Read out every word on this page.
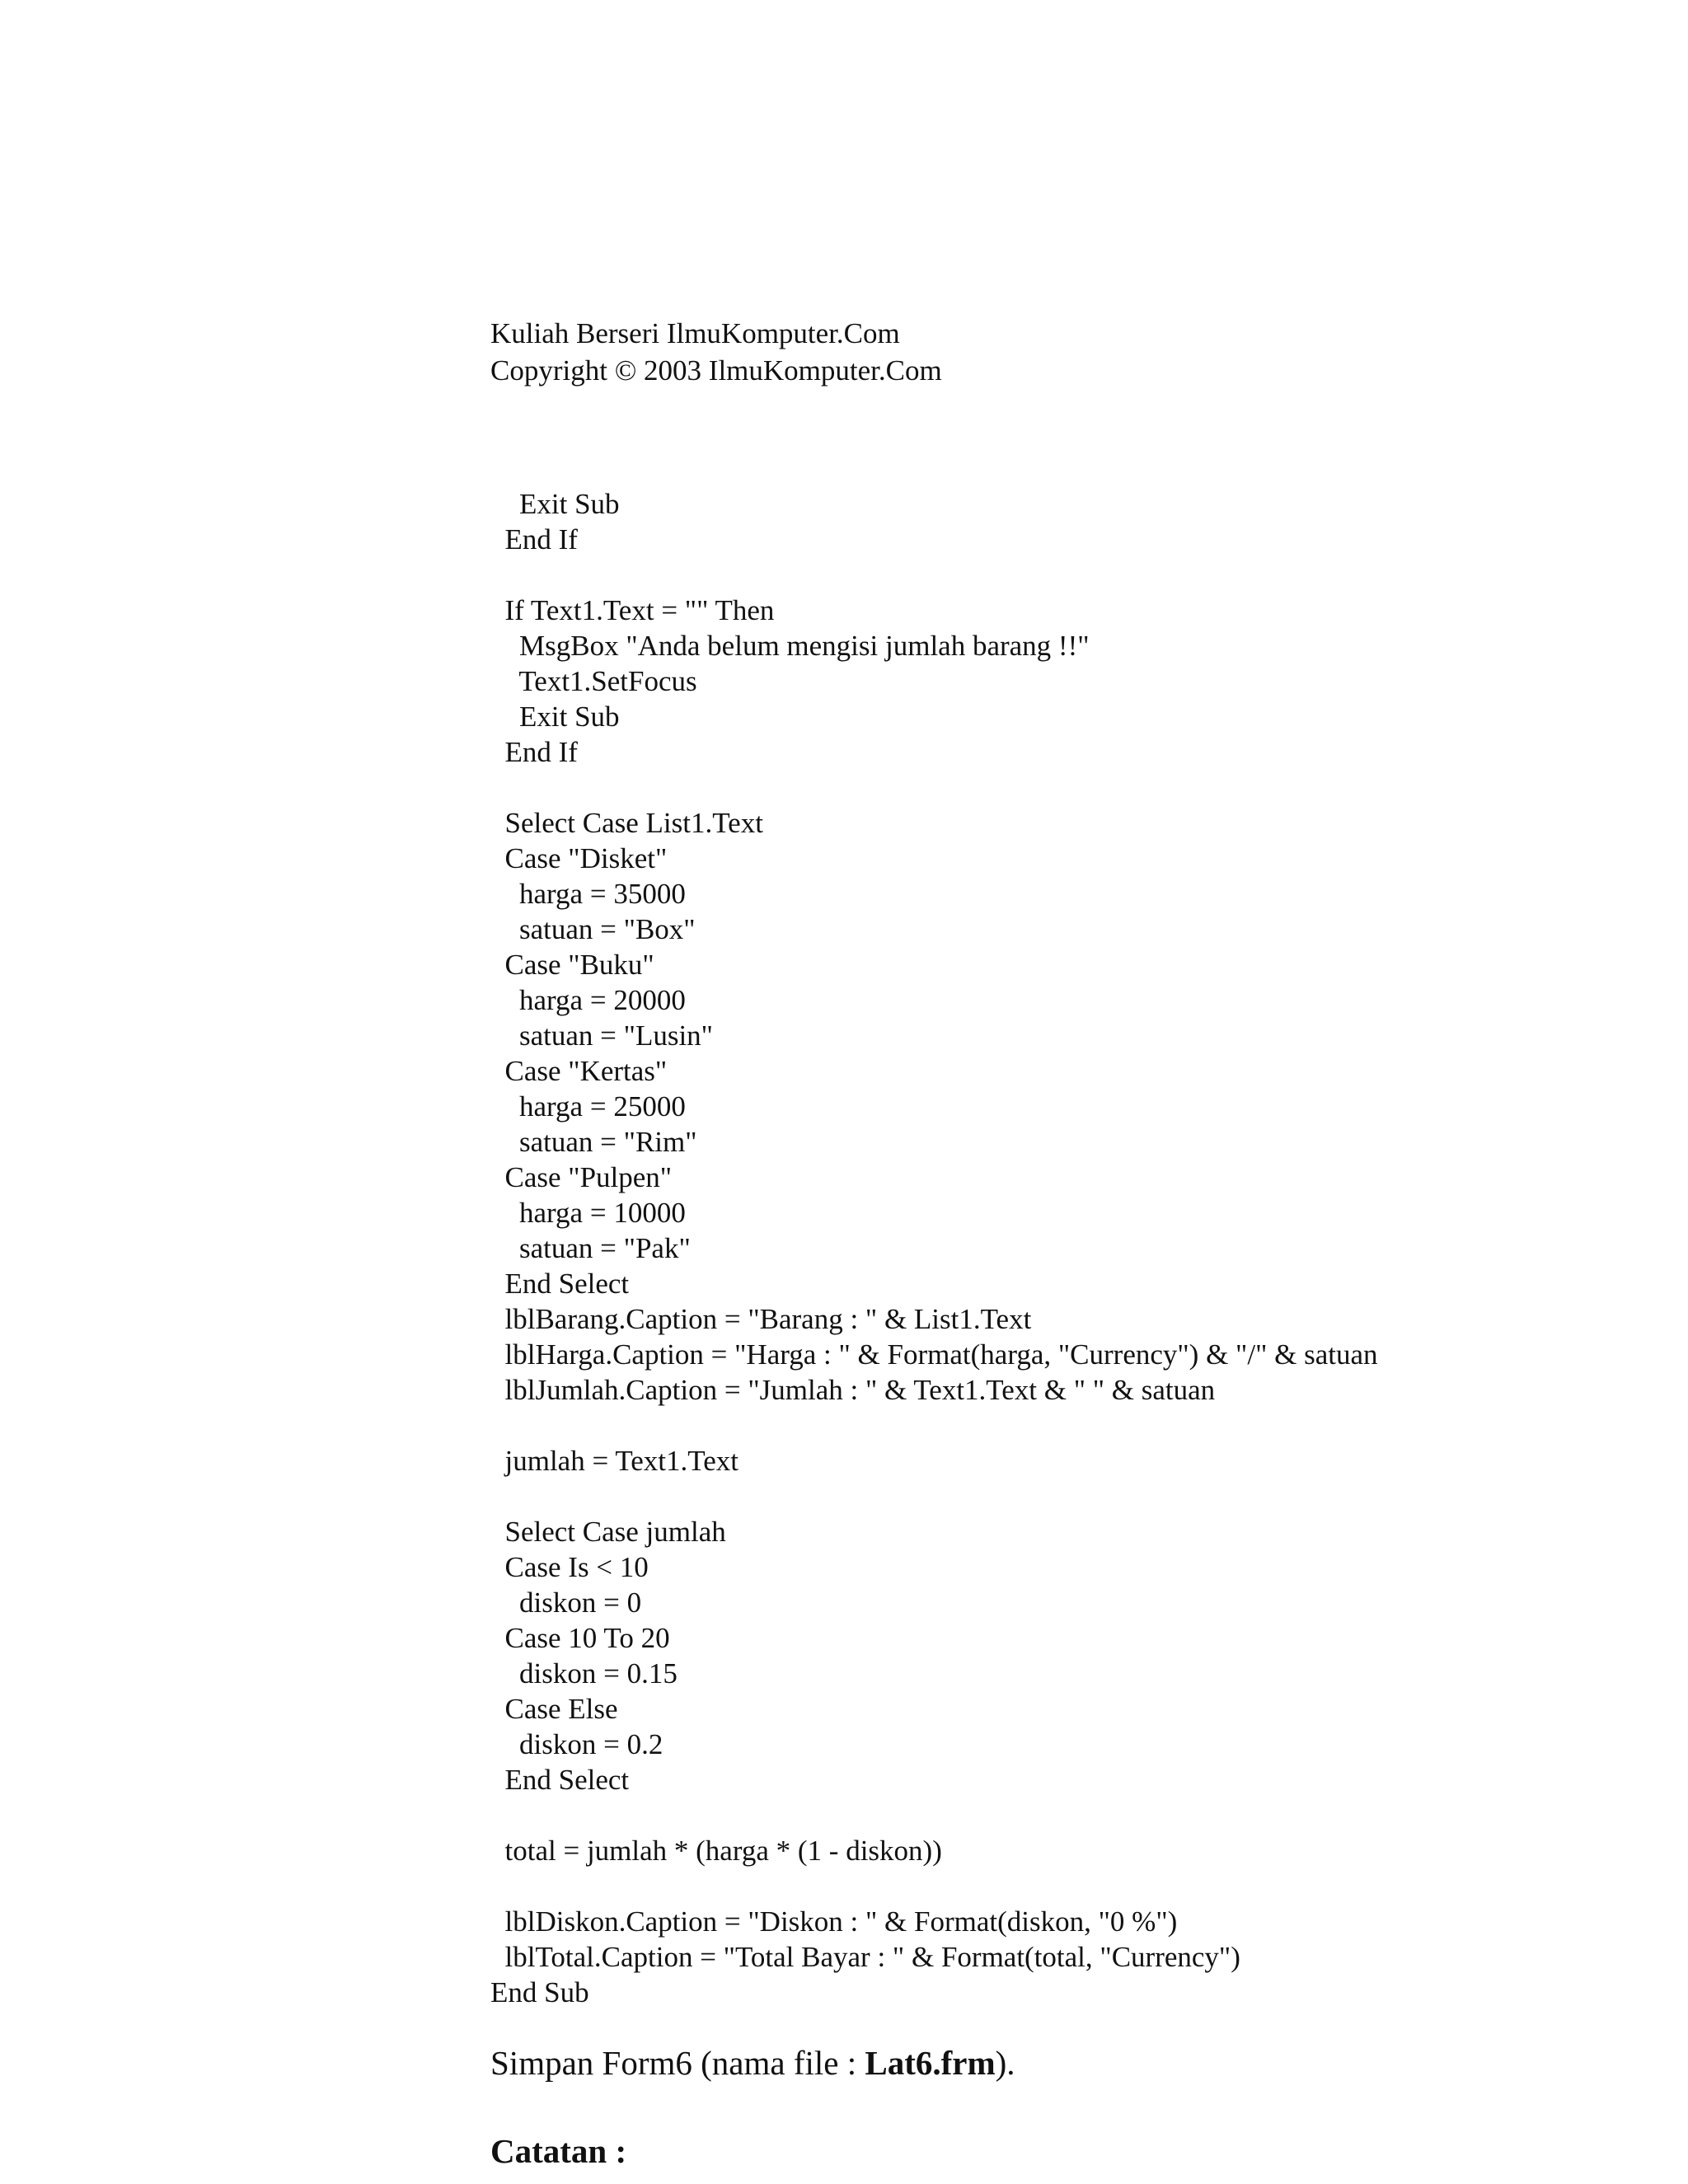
Kuliah Berseri IlmuKomputer.Com
Copyright © 2003 IlmuKomputer.Com
Exit Sub
End If
If Text1.Text = "" Then
MsgBox "Anda belum mengisi jumlah barang !!"
Text1.SetFocus
Exit Sub
End If
Select Case List1.Text
Case "Disket"
harga = 35000
satuan = "Box"
Case "Buku"
harga = 20000
satuan = "Lusin"
Case "Kertas"
harga = 25000
satuan = "Rim"
Case "Pulpen"
harga = 10000
satuan = "Pak"
End Select
lblBarang.Caption = "Barang : " & List1.Text
lblHarga.Caption = "Harga : " & Format(harga, "Currency") & "/" & satuan
lblJumlah.Caption = "Jumlah : " & Text1.Text & " " & satuan
jumlah = Text1.Text
Select Case jumlah
Case Is < 10
diskon = 0
Case 10 To 20
diskon = 0.15
Case Else
diskon = 0.2
End Select
total = jumlah * (harga * (1 - diskon))
lblDiskon.Caption = "Diskon : " & Format(diskon, "0 %")
lblTotal.Caption = "Total Bayar : " & Format(total, "Currency")
End Sub
Simpan Form6 (nama file : Lat6.frm).
Catatan :
